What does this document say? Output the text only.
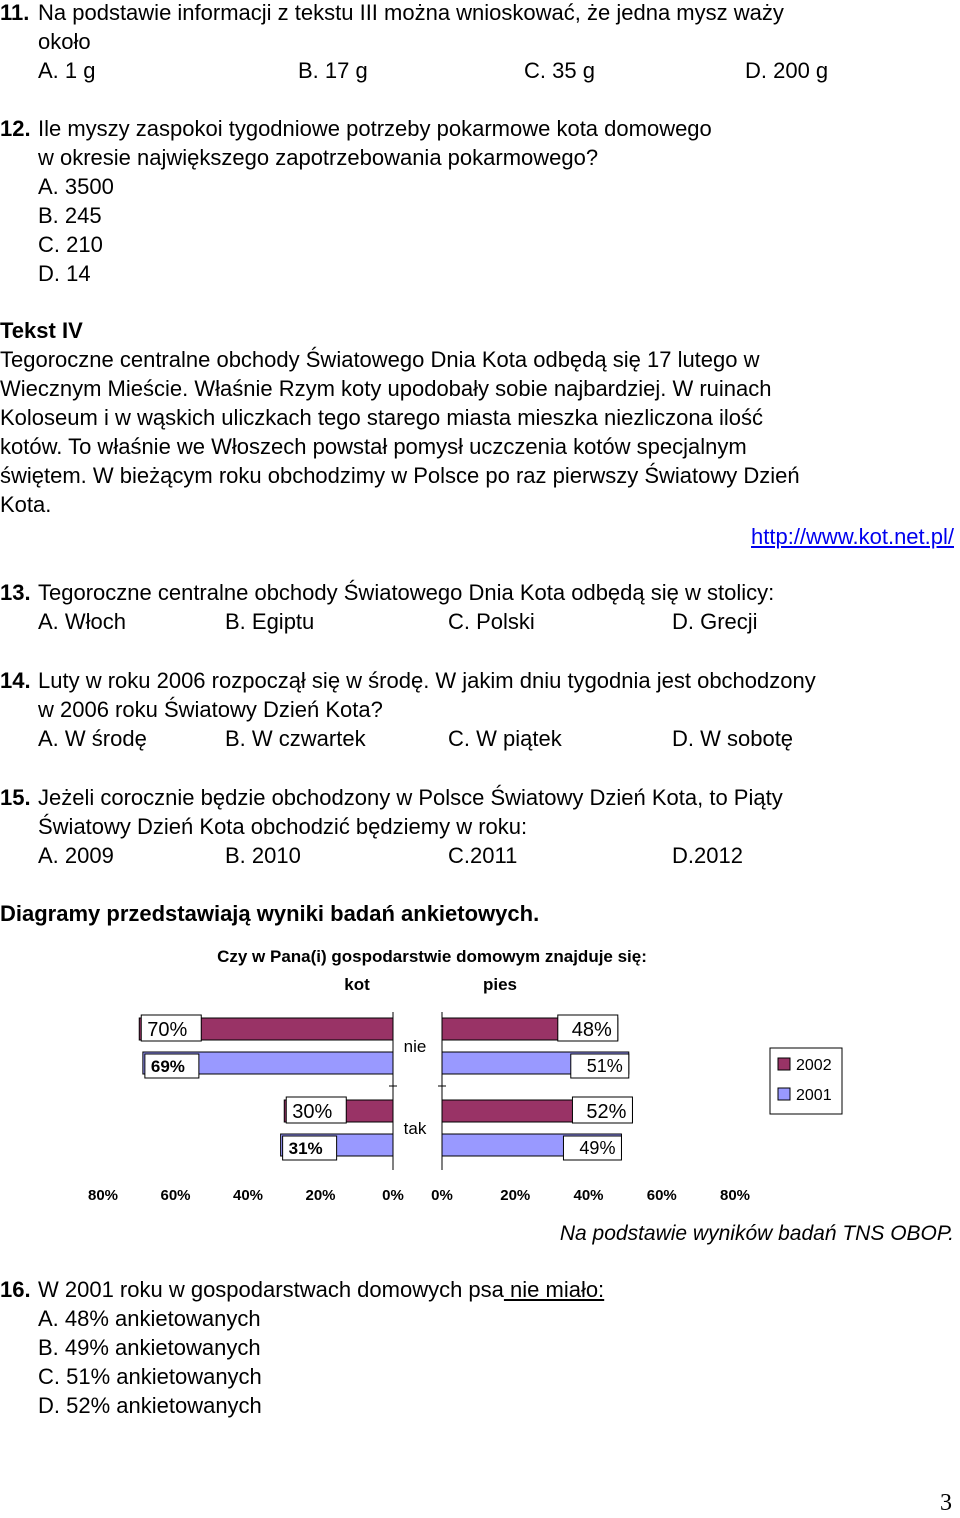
11. Na podstawie informacji z tekstu III można wnioskować, że jedna mysz waży
około
A. 1 g	B. 17 g	C. 35 g	D. 200 g
12. Ile myszy zaspokoi tygodniowe potrzeby pokarmowe kota domowego
w okresie największego zapotrzebowania pokarmowego?
A. 3500
B. 245
C. 210
D. 14
Tekst IV
Tegoroczne centralne obchody Światowego Dnia Kota odbędą się 17 lutego w
Wiecznym Mieście. Właśnie Rzym koty upodobały sobie najbardziej. W ruinach
Koloseum i w wąskich uliczkach tego starego miasta mieszka niezliczona ilość
kotów. To właśnie we Włoszech powstał pomysł uczczenia kotów specjalnym
świętem. W bieżącym roku obchodzimy w Polsce po raz pierwszy Światowy Dzień
Kota.
http://www.kot.net.pl/
13. Tegoroczne centralne obchody Światowego Dnia Kota odbędą się w stolicy:
A. Włoch	B. Egiptu	C. Polski	D. Grecji
14. Luty w roku 2006 rozpoczął się w środę. W jakim dniu tygodnia jest obchodzony
w 2006 roku Światowy Dzień Kota?
A. W środę	B. W czwartek	C. W piątek	D. W sobotę
15. Jeżeli corocznie będzie obchodzony w Polsce Światowy Dzień Kota, to Piąty
Światowy Dzień Kota obchodzić będziemy w roku:
A. 2009	B. 2010	C.2011	D.2012
Diagramy przedstawiają wyniki badań ankietowych.
Czy w Pana(i) gospodarstwie domowym znajduje się:
kot	pies
70%
69%
48%
51%
nie
30%
31%
52%
49%
tak
80%	60%	40%	20%	0% 0%	20%	40%	60%	80%
2002
2001
Na podstawie wyników badań TNS OBOP.
16. W 2001 roku w gospodarstwach domowych psa nie miało:
A. 48% ankietowanych
B. 49% ankietowanych
C. 51% ankietowanych
D. 52% ankietowanych
3
